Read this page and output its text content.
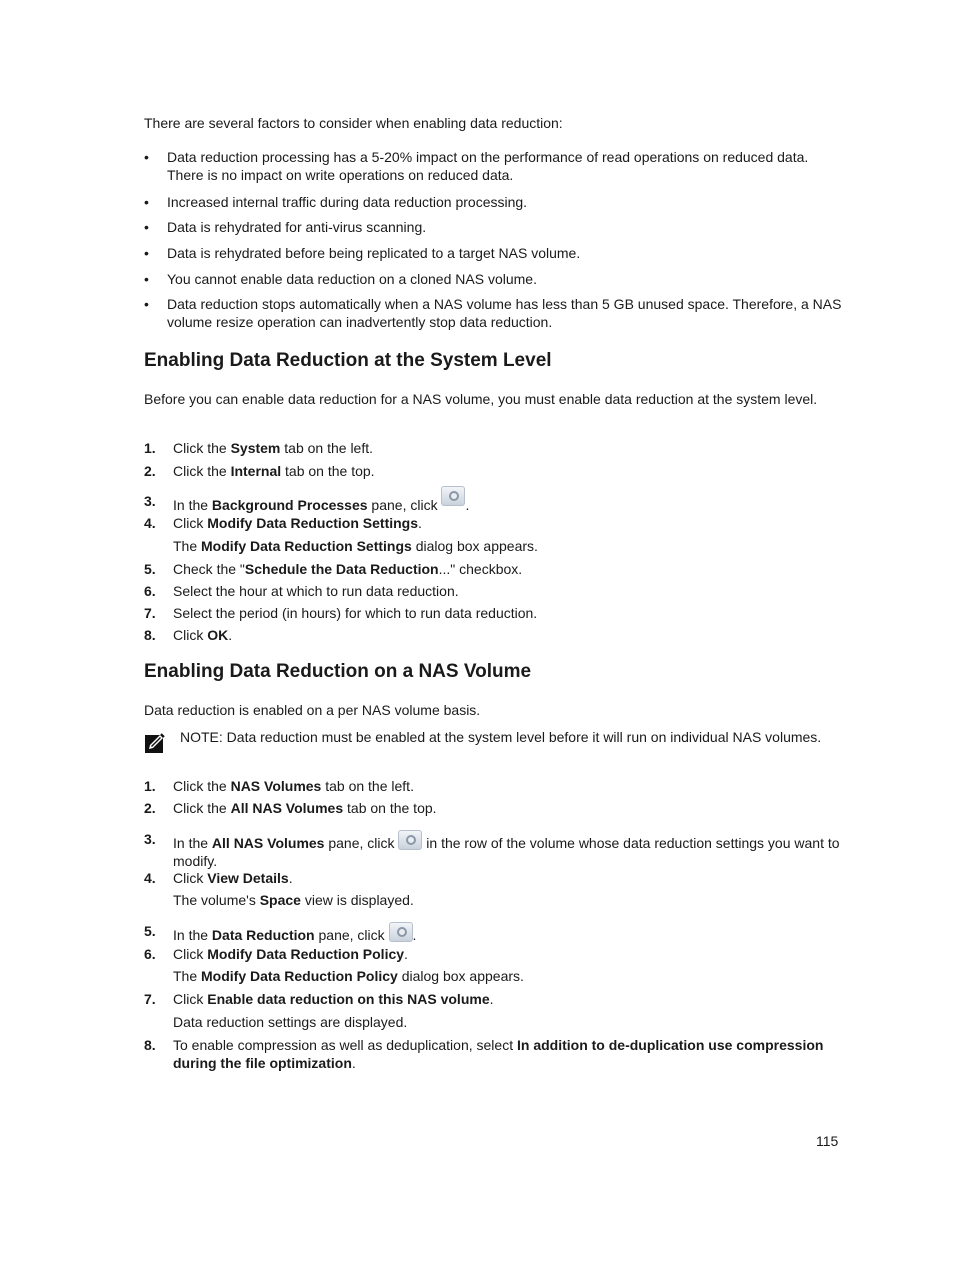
There are several factors to consider when enabling data reduction:

• Data reduction processing has a 5-20% impact on the performance of read operations on reduced data. There is no impact on write operations on reduced data.
• Increased internal traffic during data reduction processing.
• Data is rehydrated for anti-virus scanning.
• Data is rehydrated before being replicated to a target NAS volume.
• You cannot enable data reduction on a cloned NAS volume.
• Data reduction stops automatically when a NAS volume has less than 5 GB unused space. Therefore, a NAS volume resize operation can inadvertently stop data reduction.
Enabling Data Reduction at the System Level

Before you can enable data reduction for a NAS volume, you must enable data reduction at the system level.

1. Click the System tab on the left.
2. Click the Internal tab on the top.
3. In the Background Processes pane, click .
4. Click Modify Data Reduction Settings.
The Modify Data Reduction Settings dialog box appears.
5. Check the "Schedule the Data Reduction..." checkbox.
6. Select the hour at which to run data reduction.
7. Select the period (in hours) for which to run data reduction.
8. Click OK.
Enabling Data Reduction on a NAS Volume

Data reduction is enabled on a per NAS volume basis.

NOTE: Data reduction must be enabled at the system level before it will run on individual NAS volumes.

1. Click the NAS Volumes tab on the left.
2. Click the All NAS Volumes tab on the top.
3. In the All NAS Volumes pane, click  in the row of the volume whose data reduction settings you want to modify.
4. Click View Details.
The volume's Space view is displayed.
5. In the Data Reduction pane, click .
6. Click Modify Data Reduction Policy.
The Modify Data Reduction Policy dialog box appears.
7. Click Enable data reduction on this NAS volume.
Data reduction settings are displayed.
8. To enable compression as well as deduplication, select In addition to de-duplication use compression during the file optimization.
115
